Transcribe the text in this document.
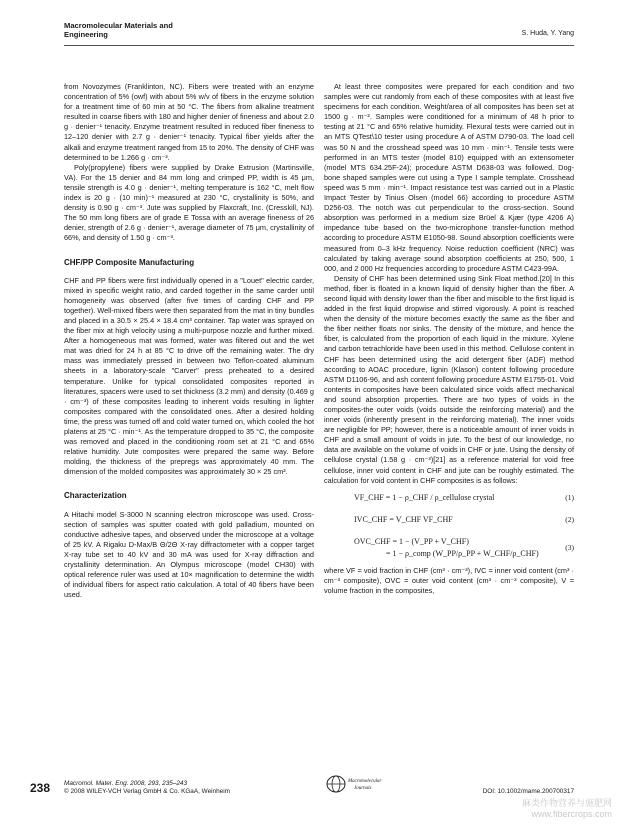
Macromolecular Materials and Engineering	S. Huda, Y. Yang

from Novozymes (Franklinton, NC). Fibers were treated with an enzyme concentration of 5% (owf) with about 5% w/v of fibers in the enzyme solution for a treatment time of 60 min at 50 °C. The fibers from alkaline treatment resulted in coarse fibers with 180 and higher denier of fineness and about 2.0 g · denier⁻¹ tenacity. Enzyme treatment resulted in reduced fiber fineness to 12–120 denier with 2.7 g · denier⁻¹ tenacity. Typical fiber yields after the alkali and enzyme treatment ranged from 15 to 20%. The density of CHF was determined to be 1.266 g · cm⁻³.

Poly(propylene) fibers were supplied by Drake Extrusion (Martinsville, VA). For the 15 denier and 84 mm long and crimped PP, width is 45 μm, tensile strength is 4.0 g · denier⁻¹, melting temperature is 162 °C, melt flow index is 20 g · (10 min)⁻¹ measured at 230 °C, crystallinity is 50%, and density is 0.90 g · cm⁻³. Jute was supplied by Flaxcraft, Inc. (Cresskill, NJ). The 50 mm long fibers are of grade E Tossa with an average fineness of 26 denier, strength of 2.6 g · denier⁻¹, average diameter of 75 μm, crystallinity of 66%, and density of 1.50 g · cm⁻³.

CHF/PP Composite Manufacturing

CHF and PP fibers were first individually opened in a "Louet" electric carder, mixed in specific weight ratio, and carded together in the same carder until homogeneity was observed (after five times of carding CHF and PP together). Well-mixed fibers were then separated from the mat in tiny bundles and placed in a 30.5 × 25.4 × 18.4 cm³ container. Tap water was sprayed on the fiber mix at high velocity using a multi-purpose nozzle and further mixed. After a homogeneous mat was formed, water was filtered out and the wet mat was dried for 24 h at 85 °C to drive off the remaining water. The dry mass was immediately pressed in between two Teflon-coated aluminum sheets in a laboratory-scale "Carver" press preheated to a desired temperature. Unlike for typical consolidated composites reported in literatures, spacers were used to set thickness (3.2 mm) and density (0.469 g · cm⁻³) of these composites leading to inherent voids resulting in lighter composites compared with the consolidated ones. After a desired holding time, the press was turned off and cold water turned on, which cooled the hot platens at 25 °C · min⁻¹. As the temperature dropped to 35 °C, the composite was removed and placed in the conditioning room set at 21 °C and 65% relative humidity. Jute composites were prepared the same way. Before molding, the thickness of the prepregs was approximately 40 mm. The dimension of the molded composites was approximately 30 × 25 cm².

Characterization

A Hitachi model S-3000 N scanning electron microscope was used. Cross-section of samples was sputter coated with gold palladium, mounted on conductive adhesive tapes, and observed under the microscope at a voltage of 25 kV. A Rigaku D-Max/B Θ/2Θ X-ray diffractometer with a copper target X-ray tube set to 40 kV and 30 mA was used for X-ray diffraction and crystallinity determination. An Olympus microscope (model CH30) with optical reference ruler was used at 10× magnification to determine the width of individual fibers for aspect ratio calculation. A total of 40 fibers have been used.

At least three composites were prepared for each condition and two samples were cut randomly from each of these composites with at least five specimens for each condition. Weight/area of all composites has been set at 1500 g · m⁻². Samples were conditioned for a minimum of 48 h prior to testing at 21 °C and 65% relative humidity. Flexural tests were carried out in an MTS QTest\10 tester using procedure A of ASTM D790-03. The load cell was 50 N and the crosshead speed was 10 mm · min⁻¹. Tensile tests were performed in an MTS tester (model 810) equipped with an extensometer (model MTS 634.25F-24); procedure ASTM D638-03 was followed. Dog-bone shaped samples were cut using a Type I sample template. Crosshead speed was 5 mm · min⁻¹. Impact resistance test was carried out in a Plastic Impact Tester by Tinius Olsen (model 66) according to procedure ASTM D256-03. The notch was cut perpendicular to the cross-section. Sound absorption was performed in a medium size Brüel & Kjær (type 4206 A) impedance tube based on the two-microphone transfer-function method according to procedure ASTM E1050-98. Sound absorption coefficients were measured from 0–3 kHz frequency. Noise reduction coefficient (NRC) was calculated by taking average sound absorption coefficients at 250, 500, 1 000, and 2 000 Hz frequencies according to procedure ASTM C423-99A.

Density of CHF has been determined using Sink Float method.[20] In this method, fiber is floated in a known liquid of density higher than the fiber. A second liquid with density lower than the fiber and miscible to the first liquid is added in the first liquid dropwise and stirred vigorously. A point is reached when the density of the mixture becomes exactly the same as the fiber and the fiber neither floats nor sinks. The density of the mixture, and hence the fiber, is calculated from the proportion of each liquid in the mixture. Xylene and carbon tetrachloride have been used in this method. Cellulose content in CHF has been determined using the acid detergent fiber (ADF) method according to AOAC procedure, lignin (Klason) content following procedure ASTM D1106-96, and ash content following procedure ASTM E1755-01. Void contents in composites have been calculated since voids affect mechanical and sound absorption properties. There are two types of voids in the composites-the outer voids (voids outside the reinforcing material) and the inner voids (inherently present in the reinforcing material). The inner voids are negligible for PP; however, there is a noticeable amount of inner voids in CHF and a small amount of voids in jute. To the best of our knowledge, no data are available on the volume of voids in CHF or jute. Using the density of cellulose crystal (1.58 g · cm⁻³)[21] as a reference material for void free cellulose, inner void content in CHF and jute can be roughly estimated. The calculation for void content in CHF composites is as follows:

VF_CHF = 1 − ρ_CHF / ρ_cellulose crystal	(1)
IVC_CHF = V_CHF VF_CHF	(2)
OVC_CHF = 1 − (V_PP + V_CHF)
= 1 − ρ_comp (W_PP/ρ_PP + W_CHF/ρ_CHF)
(3)

where VF = void fraction in CHF (cm³ · cm⁻³), IVC = inner void content (cm³ · cm⁻³ composite), OVC = outer void content (cm³ · cm⁻³ composite), V = volume fraction in the composites,

238 Macromol. Mater. Eng. 2008, 293, 235–243
© 2008 WILEY-VCH Verlag GmbH & Co. KGaA, Weinheim
Macromolecular
Journals	DOI: 10.1002/mame.200700317
麻类作物营养与施肥网
www.fibercrops.com
